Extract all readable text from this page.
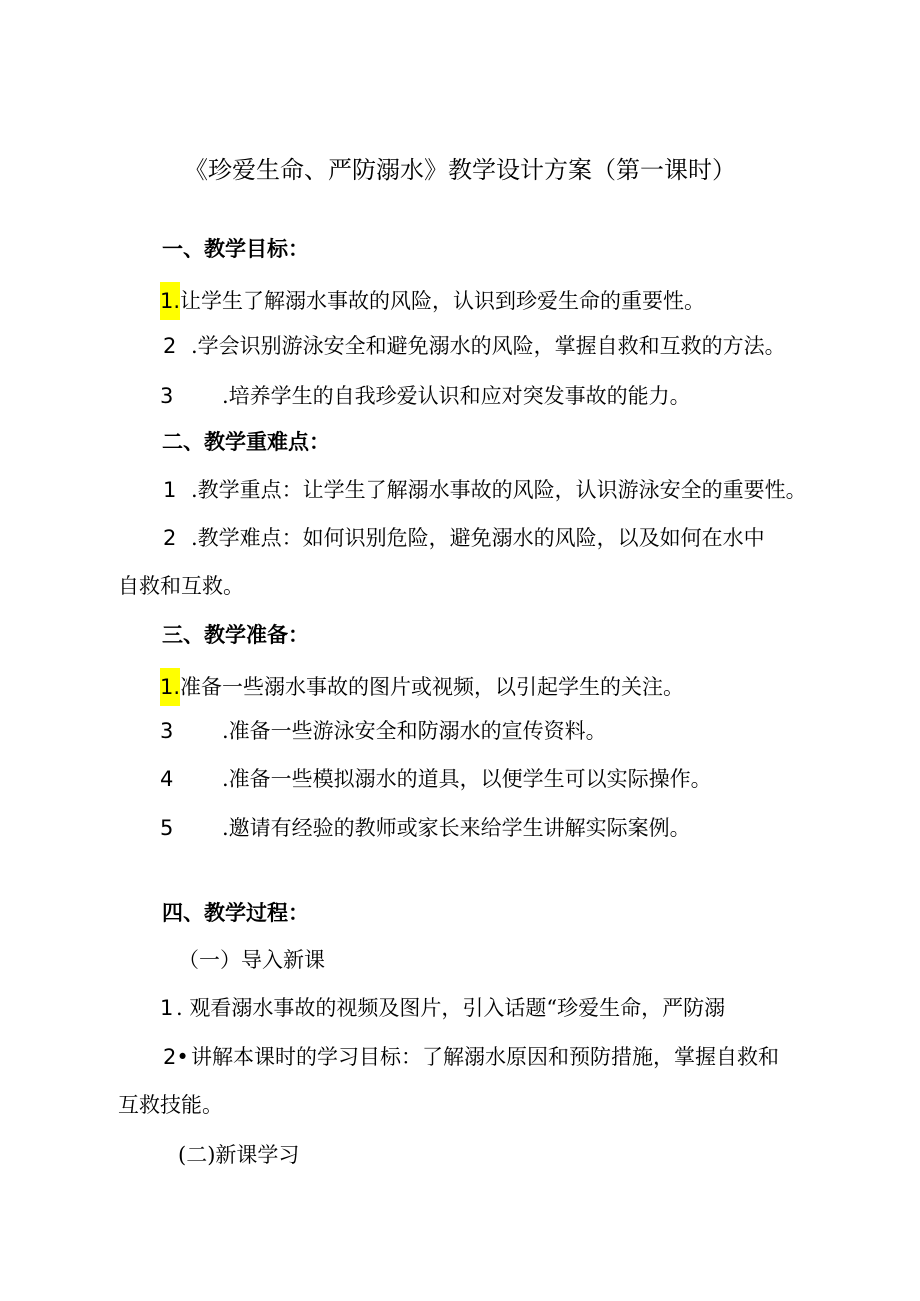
《珍爱生命、严防溺水》教学设计方案（第一课时）
一、教学目标：
1.让学生了解溺水事故的风险，认识到珍爱生命的重要性。
2 .学会识别游泳安全和避免溺水的风险，掌握自救和互救的方法。
3 .培养学生的自我珍爱认识和应对突发事故的能力。
二、教学重难点：
1 .教学重点：让学生了解溺水事故的风险，认识游泳安全的重要性。
2 .教学难点：如何识别危险，避免溺水的风险，以及如何在水中
自救和互救。
三、教学准备：
1.准备一些溺水事故的图片或视频，以引起学生的关注。
3 .准备一些游泳安全和防溺水的宣传资料。
4 .准备一些模拟溺水的道具，以便学生可以实际操作。
5 .邀请有经验的教师或家长来给学生讲解实际案例。
四、教学过程：
（一）导入新课
1 . 观看溺水事故的视频及图片，引入话题“珍爱生命，严防溺
2• 讲解本课时的学习目标：了解溺水原因和预防措施，掌握自救和
互救技能。
(二)新课学习
